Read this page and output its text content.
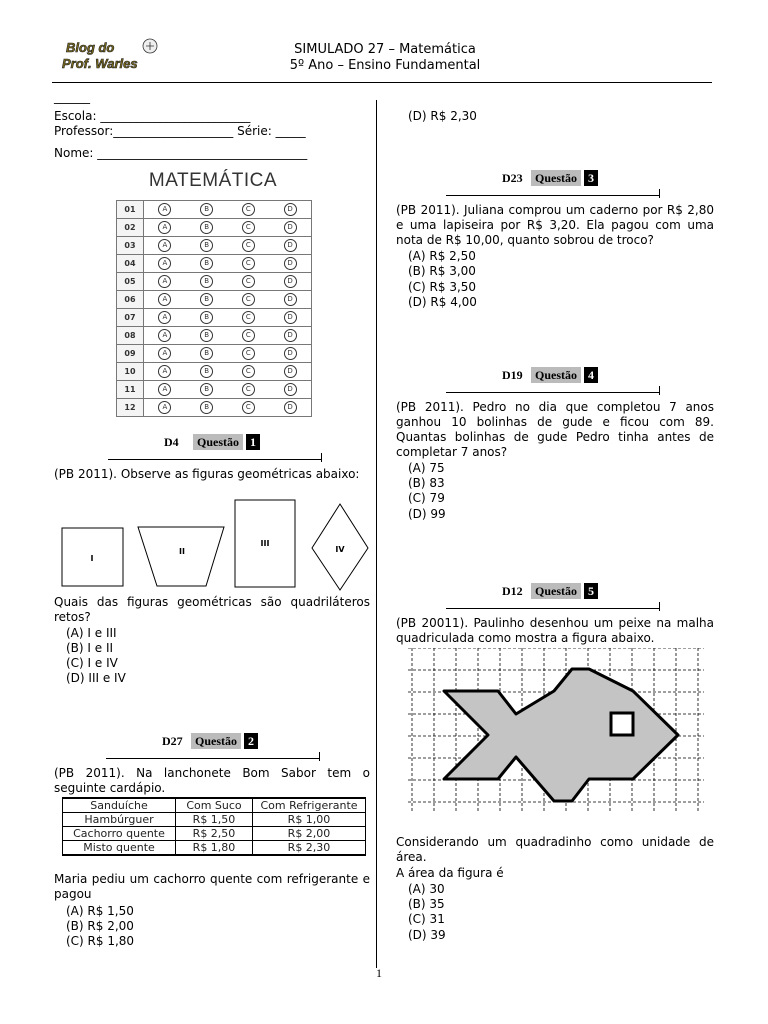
Blog do
Prof. Warles
SIMULADO 27 – Matemática
5º Ano – Ensino Fundamental
______
Escola: _________________________
Professor:____________________ Série: _____
Nome: ___________________________________
MATEMÁTICA
01	A B C D

02	A B C D

03	A B C D

04	A B C D

05	A B C D

06	A B C D

07	A B C D

08	A B C D

09	A B C D

10	A B C D

11	A B C D

12	A B C D
D4 Questão 1
(PB 2011). Observe as figuras geométricas abaixo:
I
II
III
IV
Quais das figuras geométricas são quadriláteros retos?
(A) I e III
(B) I e II
(C) I e IV
(D) III e IV
D27 Questão 2
(PB 2011). Na lanchonete Bom Sabor tem o seguinte cardápio.
Sanduíche	Com Suco	Com Refrigerante
Hambúrguer	R$ 1,50	R$ 1,00
Cachorro quente	R$ 2,50	R$ 2,00
Misto quente	R$ 1,80	R$ 2,30
Maria pediu um cachorro quente com refrigerante e pagou
(A) R$ 1,50
(B) R$ 2,00
(C) R$ 1,80
(D) R$ 2,30
D23 Questão 3
(PB 2011). Juliana comprou um caderno por R$ 2,80 e uma lapiseira por R$ 3,20. Ela pagou com uma nota de R$ 10,00, quanto sobrou de troco?
(A) R$ 2,50
(B) R$ 3,00
(C) R$ 3,50
(D) R$ 4,00
D19 Questão 4
(PB 2011). Pedro no dia que completou 7 anos ganhou 10 bolinhas de gude e ficou com 89. Quantas bolinhas de gude Pedro tinha antes de completar 7 anos?
(A) 75
(B) 83
(C) 79
(D) 99
D12 Questão 5
(PB 20011). Paulinho desenhou um peixe na malha quadriculada como mostra a figura abaixo.
Considerando um quadradinho como unidade de área.
A área da figura é
(A) 30
(B) 35
(C) 31
(D) 39
1
